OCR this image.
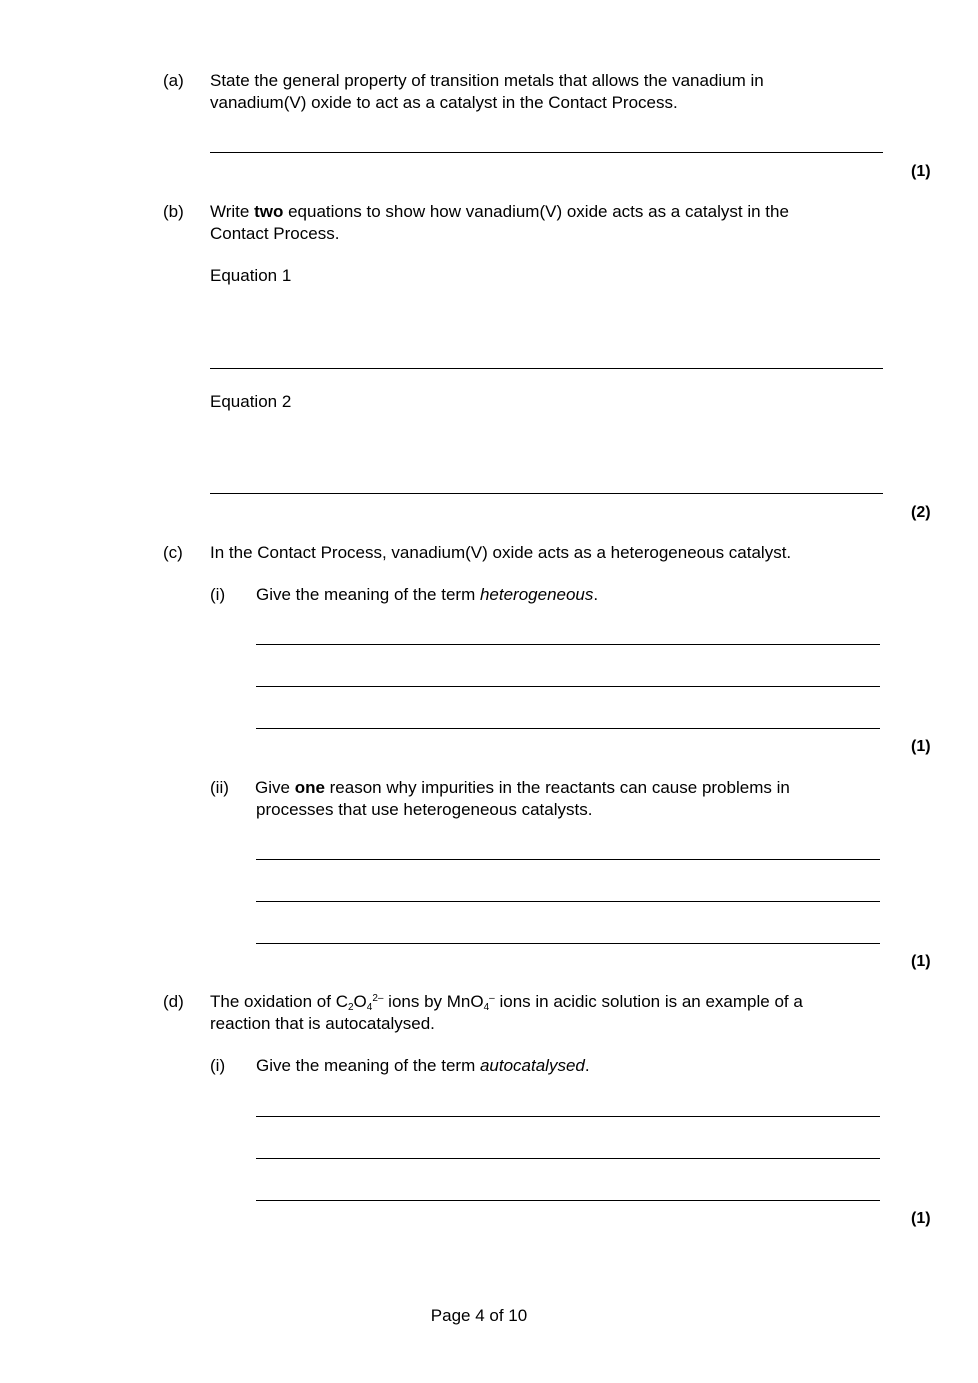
(a) State the general property of transition metals that allows the vanadium in
vanadium(V) oxide to act as a catalyst in the Contact Process.
(1)
(b) Write two equations to show how vanadium(V) oxide acts as a catalyst in the
Contact Process.
Equation 1
Equation 2
(2)
(c) In the Contact Process, vanadium(V) oxide acts as a heterogeneous catalyst.
(i) Give the meaning of the term heterogeneous.
(1)
(ii) Give one reason why impurities in the reactants can cause problems in
processes that use heterogeneous catalysts.
(1)
(d) The oxidation of $C_2O_4^{2-}$ ions by MnO$_4$– ions in acidic solution is an example of a
reaction that is autocatalysed.
(i) Give the meaning of the term autocatalysed.
(1)
Page 4 of 10
